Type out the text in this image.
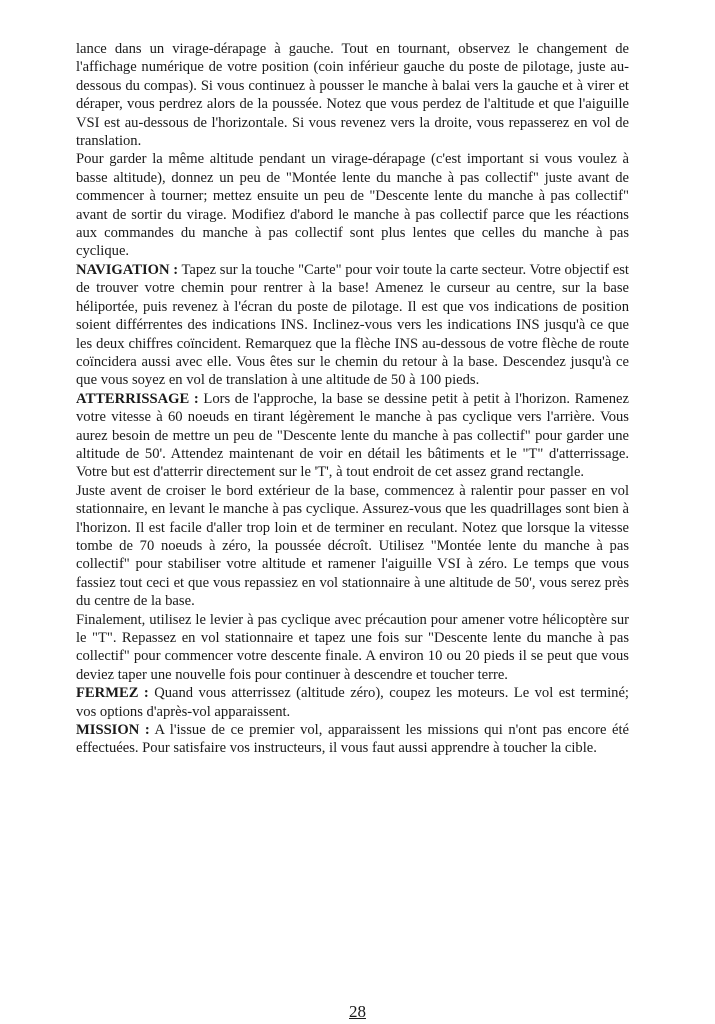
lance dans un virage-dérapage à gauche. Tout en tournant, observez le changement de l'affichage numérique de votre position (coin inférieur gauche du poste de pilotage, juste au-dessous du compas). Si vous continuez à pousser le manche à balai vers la gauche et à virer et déraper, vous perdrez alors de la poussée. Notez que vous perdez de l'altitude et que l'aiguille VSI est au-dessous de l'horizontale. Si vous revenez vers la droite, vous repasserez en vol de translation.

Pour garder la même altitude pendant un virage-dérapage (c'est important si vous voulez à basse altitude), donnez un peu de "Montée lente du manche à pas collectif" juste avant de commencer à tourner; mettez ensuite un peu de "Descente lente du manche à pas collectif" avant de sortir du virage. Modifiez d'abord le manche à pas collectif parce que les réactions aux commandes du manche à pas collectif sont plus lentes que celles du manche à pas cyclique.

NAVIGATION : Tapez sur la touche "Carte" pour voir toute la carte secteur. Votre objectif est de trouver votre chemin pour rentrer à la base! Amenez le curseur au centre, sur la base héliportée, puis revenez à l'écran du poste de pilotage. Il est que vos indications de position soient différrentes des indications INS. Inclinez-vous vers les indications INS jusqu'à ce que les deux chiffres coïncident. Remarquez que la flèche INS au-dessous de votre flèche de route coïncidera aussi avec elle. Vous êtes sur le chemin du retour à la base. Descendez jusqu'à ce que vous soyez en vol de translation à une altitude de 50 à 100 pieds.

ATTERRISSAGE : Lors de l'approche, la base se dessine petit à petit à l'horizon. Ramenez votre vitesse à 60 noeuds en tirant légèrement le manche à pas cyclique vers l'arrière. Vous aurez besoin de mettre un peu de "Descente lente du manche à pas collectif" pour garder une altitude de 50'. Attendez maintenant de voir en détail les bâtiments et le "T" d'atterrissage. Votre but est d'atterrir directement sur le 'T', à tout endroit de cet assez grand rectangle.

Juste avent de croiser le bord extérieur de la base, commencez à ralentir pour passer en vol stationnaire, en levant le manche à pas cyclique. Assurez-vous que les quadrillages sont bien à l'horizon. Il est facile d'aller trop loin et de terminer en reculant. Notez que lorsque la vitesse tombe de 70 noeuds à zéro, la poussée décroît. Utilisez "Montée lente du manche à pas collectif" pour stabiliser votre altitude et ramener l'aiguille VSI à zéro. Le temps que vous fassiez tout ceci et que vous repassiez en vol stationnaire à une altitude de 50', vous serez près du centre de la base.

Finalement, utilisez le levier à pas cyclique avec précaution pour amener votre hélicoptère sur le "T". Repassez en vol stationnaire et tapez une fois sur "Descente lente du manche à pas collectif" pour commencer votre descente finale. A environ 10 ou 20 pieds il se peut que vous deviez taper une nouvelle fois pour continuer à descendre et toucher terre.

FERMEZ : Quand vous atterrissez (altitude zéro), coupez les moteurs. Le vol est terminé; vos options d'après-vol apparaissent.

MISSION : A l'issue de ce premier vol, apparaissent les missions qui n'ont pas encore été effectuées. Pour satisfaire vos instructeurs, il vous faut aussi apprendre à toucher la cible.

28
